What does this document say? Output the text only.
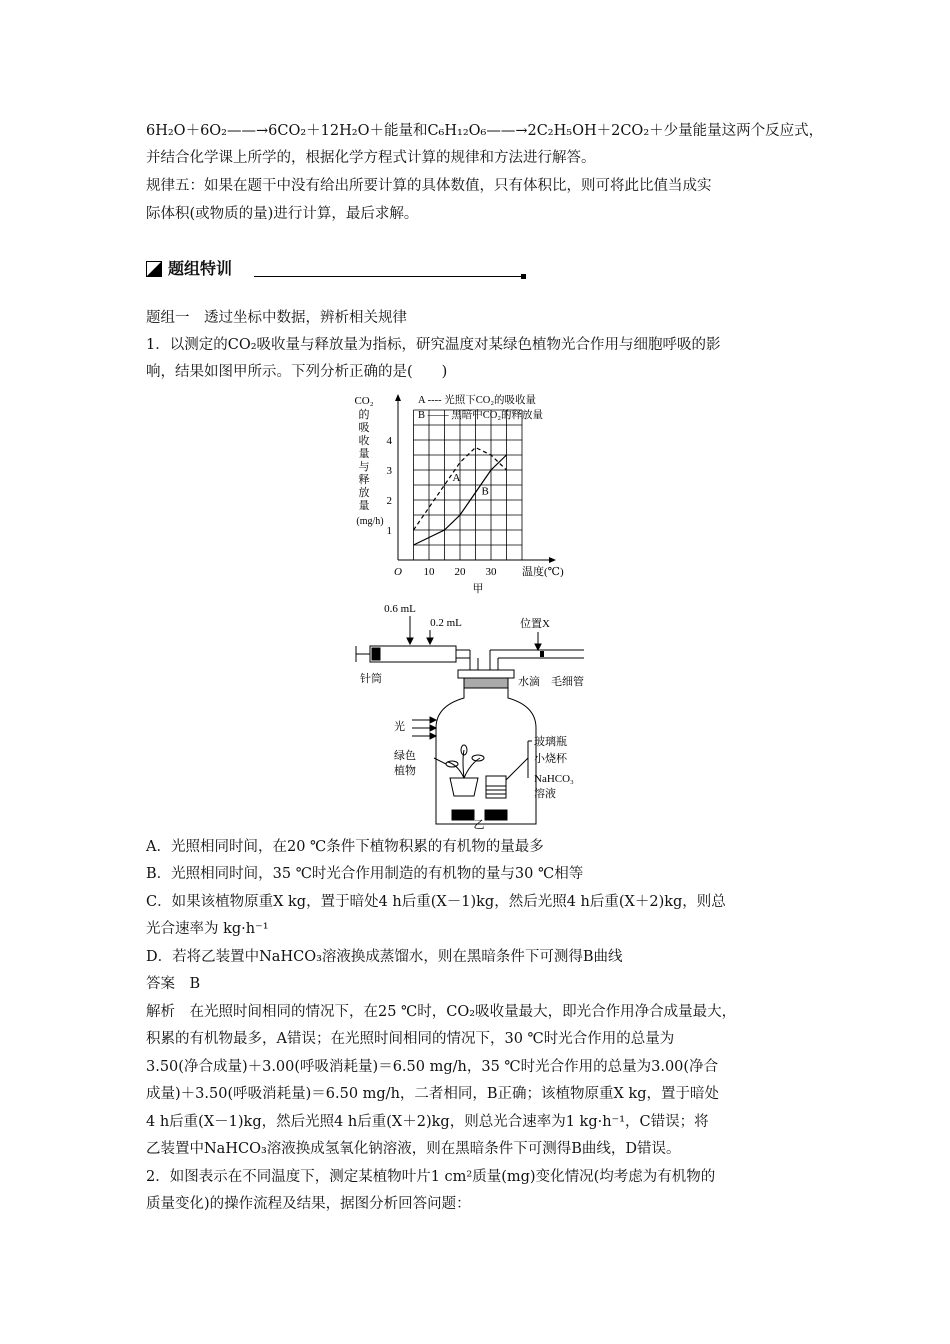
6H₂O＋6O₂——→6CO₂＋12H₂O＋能量和C₆H₁₂O₆——→2C₂H₅OH＋2CO₂＋少量能量这两个反应式，
并结合化学课上所学的，根据化学方程式计算的规律和方法进行解答。
规律五：如果在题干中没有给出所要计算的具体数值，只有体积比，则可将此比值当成实
际体积(或物质的量)进行计算，最后求解。
题组特训
题组一　透过坐标中数据，辨析相关规律
1．以测定的CO₂吸收量与释放量为指标，研究温度对某绿色植物光合作用与细胞呼吸的影
响，结果如图甲所示。下列分析正确的是(　　)
CO₂
的
吸
收
量
与
释
放
量
(mg/h)
O	温度(℃)
A ---- 光照下CO₂的吸收量
B —— 黑暗中CO₂的释放量
甲
10 20 30
1
2
3
4
A
B
0.6 mL
0.2 mL	位置X
针筒	水滴 毛细管
光
玻璃瓶
小烧杯
绿色
植物
NaHCO₃
溶液
乙
A．光照相同时间，在20 ℃条件下植物积累的有机物的量最多
B．光照相同时间，35 ℃时光合作用制造的有机物的量与30 ℃相等
C．如果该植物原重X kg，置于暗处4 h后重(X－1)kg，然后光照4 h后重(X＋2)kg，则总
光合速率为 kg·h⁻¹
D．若将乙装置中NaHCO₃溶液换成蒸馏水，则在黑暗条件下可测得B曲线
答案　B
解析　在光照时间相同的情况下，在25 ℃时，CO₂吸收量最大，即光合作用净合成量最大，
积累的有机物最多，A错误；在光照时间相同的情况下，30 ℃时光合作用的总量为
3.50(净合成量)＋3.00(呼吸消耗量)＝6.50 mg/h，35 ℃时光合作用的总量为3.00(净合
成量)＋3.50(呼吸消耗量)＝6.50 mg/h，二者相同，B正确；该植物原重X kg，置于暗处
4 h后重(X－1)kg，然后光照4 h后重(X＋2)kg，则总光合速率为1 kg·h⁻¹，C错误；将
乙装置中NaHCO₃溶液换成氢氧化钠溶液，则在黑暗条件下可测得B曲线，D错误。
2．如图表示在不同温度下，测定某植物叶片1 cm²质量(mg)变化情况(均考虑为有机物的
质量变化)的操作流程及结果，据图分析回答问题：
